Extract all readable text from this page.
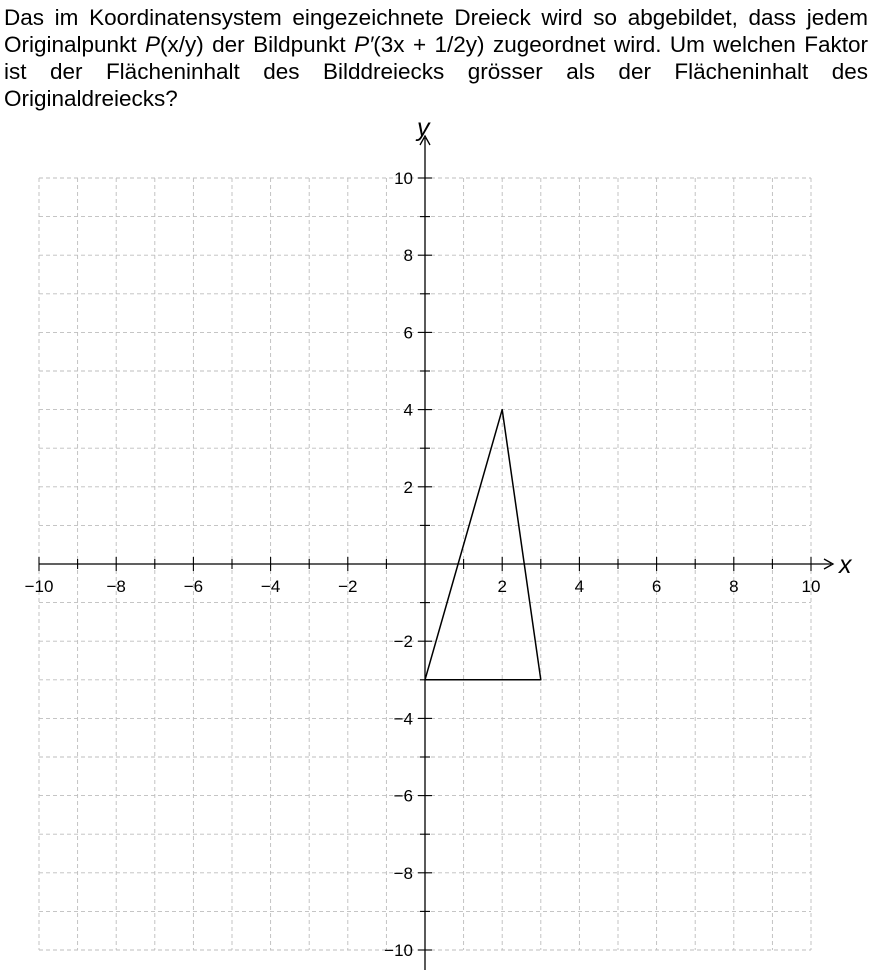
Das im Koordinatensystem eingezeichnete Dreieck wird so abgebildet, dass jedem Originalpunkt P(x/y) der Bildpunkt P′(3x + 1/2y) zugeordnet wird. Um welchen Faktor ist der Flächeninhalt des Bilddreiecks grösser als der Flächeninhalt des Originaldreiecks?

−10	−8	−6	−4	−2	2	4	6	8	10
10
8
6
4
2
−2
−4
−6
−8
−10
x
y
